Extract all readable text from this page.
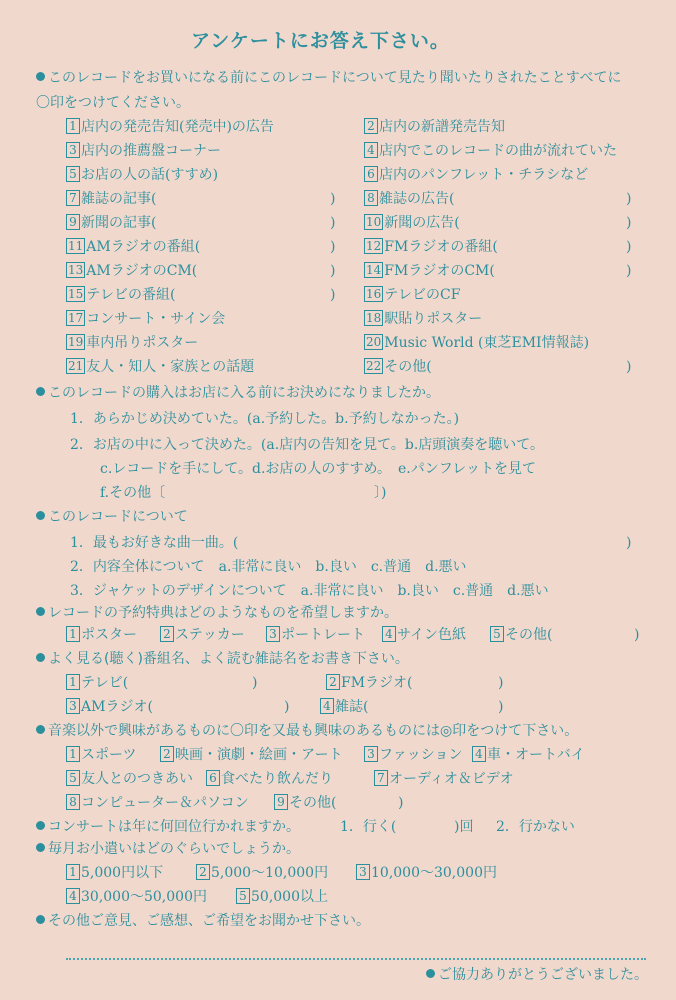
アンケートにお答え下さい。
このレコードをお買いになる前にこのレコードについて見たり聞いたりされたことすべてに
〇印をつけてください。
1 店内の発売告知(発売中)の広告	2 店内の新譜発売告知
3 店内の推薦盤コーナー	4 店内でこのレコードの曲が流れていた
5 お店の人の話(すすめ)	6 店内のパンフレット・チラシなど
7 雑誌の記事(	)	8 雑誌の広告(	)
9 新聞の記事(	)	10 新聞の広告(	)
11 AMラジオの番組(	)	12 FMラジオの番組(	)
13 AMラジオのCM(	)	14 FMラジオのCM(	)
15 テレビの番組(	)	16 テレビのCF
17 コンサート・サイン会	18 駅貼りポスター
19 車内吊りポスター	20 Music World (東芝EMI情報誌)
21 友人・知人・家族との話題	22 その他(	)
このレコードの購入はお店に入る前にお決めになりましたか。
1．あらかじめ決めていた。(a.予約した。b.予約しなかった。)
2．お店の中に入って決めた。(a.店内の告知を見て。b.店頭演奏を聴いて。
c.レコードを手にして。d.お店の人のすすめ。　e.パンフレットを見て
f.その他〔	〕)
このレコードについて
1．最もお好きな曲一曲。(	)
2．内容全体について　a.非常に良い　b.良い　c.普通　d.悪い
3．ジャケットのデザインについて　a.非常に良い　b.良い　c.普通　d.悪い
レコードの予約特典はどのようなものを希望しますか。
1 ポスター 2 ステッカー 3 ポートレート 4 サイン色紙 5 その他(	)
よく見る(聴く)番組名、よく読む雑誌名をお書き下さい。
1 テレビ(	)	2 FMラジオ(	)
3 AMラジオ(	)	4 雑誌(	)
音楽以外で興味があるものに〇印を又最も興味のあるものには◎印をつけて下さい。
1 スポーツ 2 映画・演劇・絵画・アート 3 ファッション 4 車・オートバイ
5 友人とのつきあい 6 食べたり飲んだり	7 オーディオ＆ビデオ
8 コンピューター＆パソコン 9 その他(	)
コンサートは年に何回位行かれますか。	1．行く(	)回 2．行かない
毎月お小遣いはどのぐらいでしょうか。
1 5,000円以下	2 5,000〜10,000円	3 10,000〜30,000円
4 30,000〜50,000円	5 50,000以上
その他ご意見、ご感想、ご希望をお聞かせ下さい。
ご協力ありがとうございました。
